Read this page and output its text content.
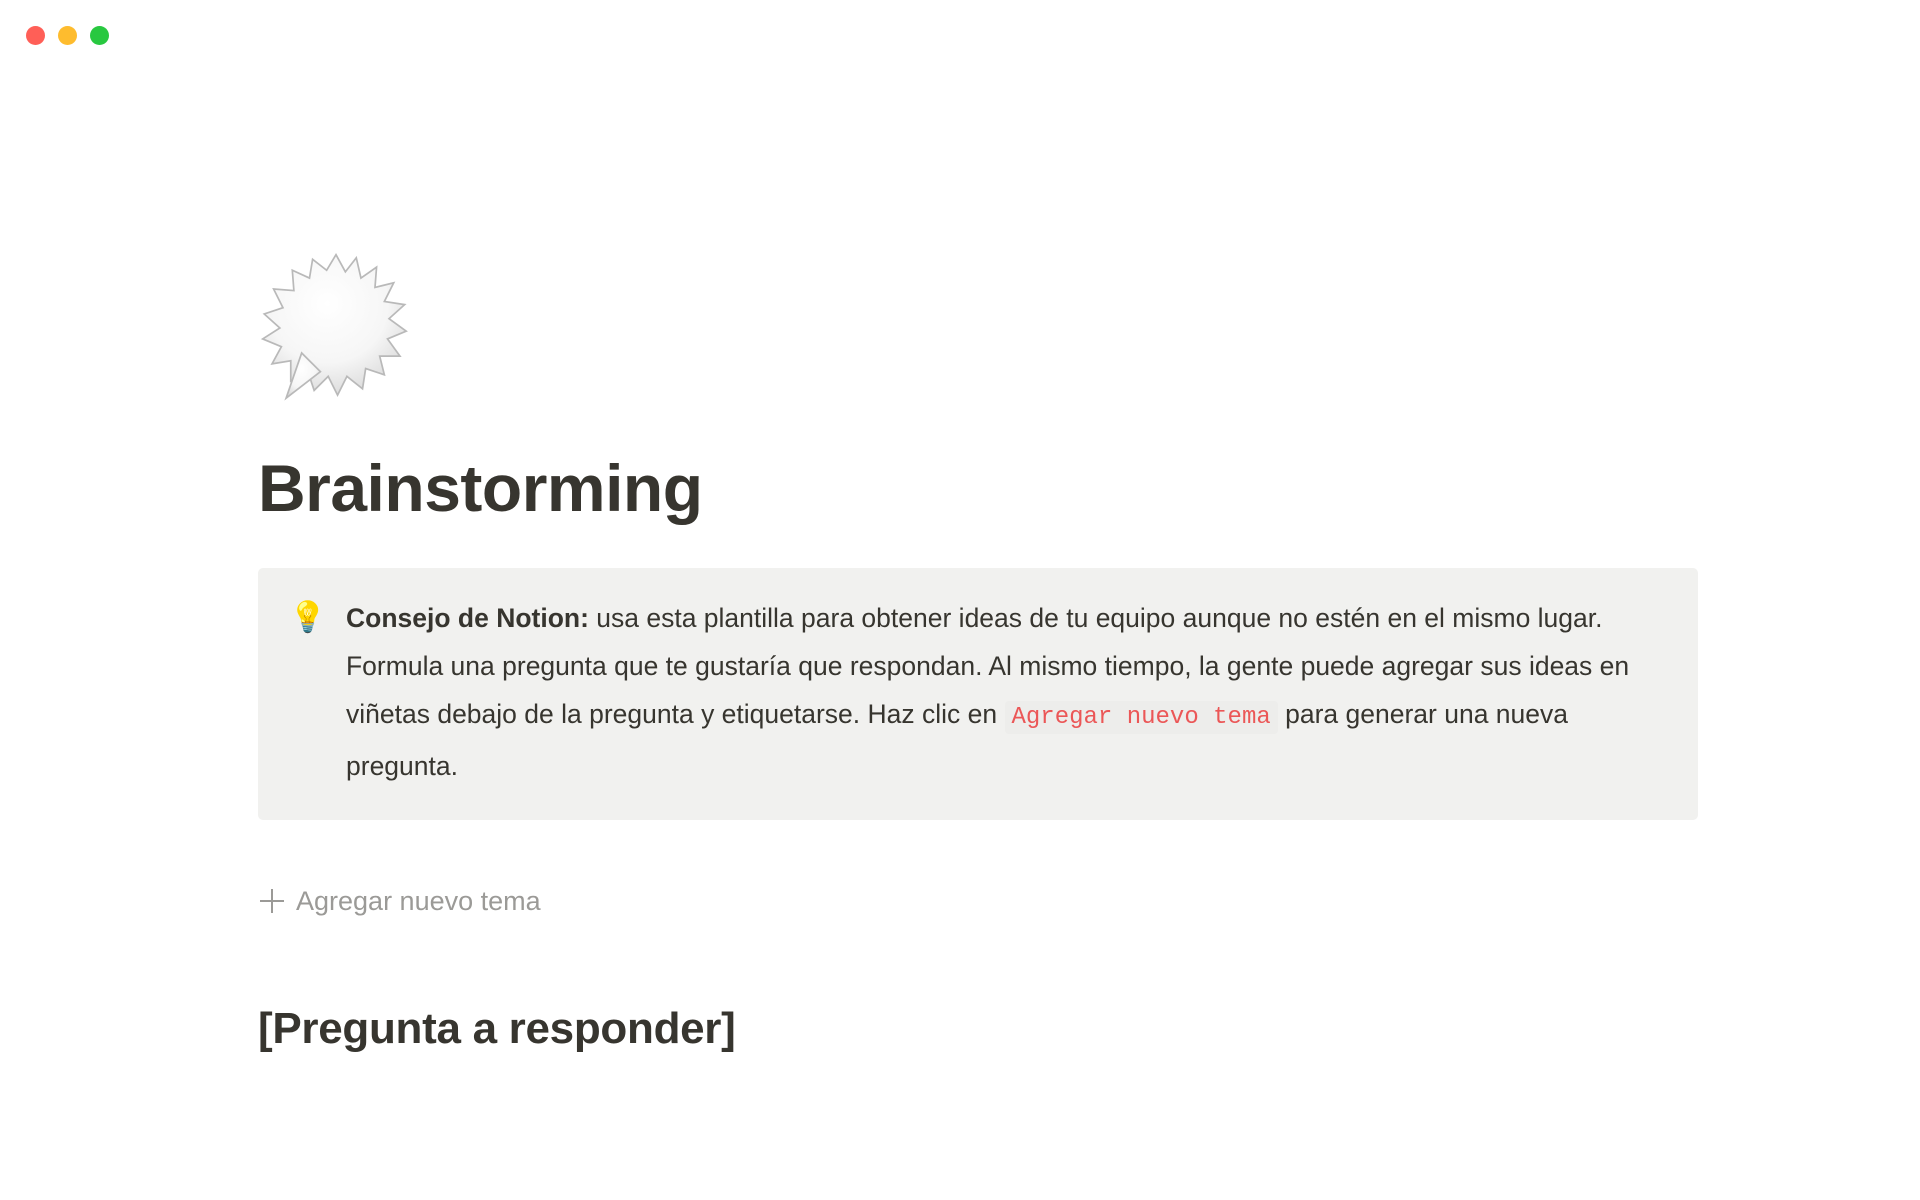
Brainstorming
💡 Consejo de Notion: usa esta plantilla para obtener ideas de tu equipo aunque no estén en el mismo lugar. Formula una pregunta que te gustaría que respondan. Al mismo tiempo, la gente puede agregar sus ideas en viñetas debajo de la pregunta y etiquetarse. Haz clic en Agregar nuevo tema para generar una nueva pregunta.
Agregar nuevo tema
[Pregunta a responder]
